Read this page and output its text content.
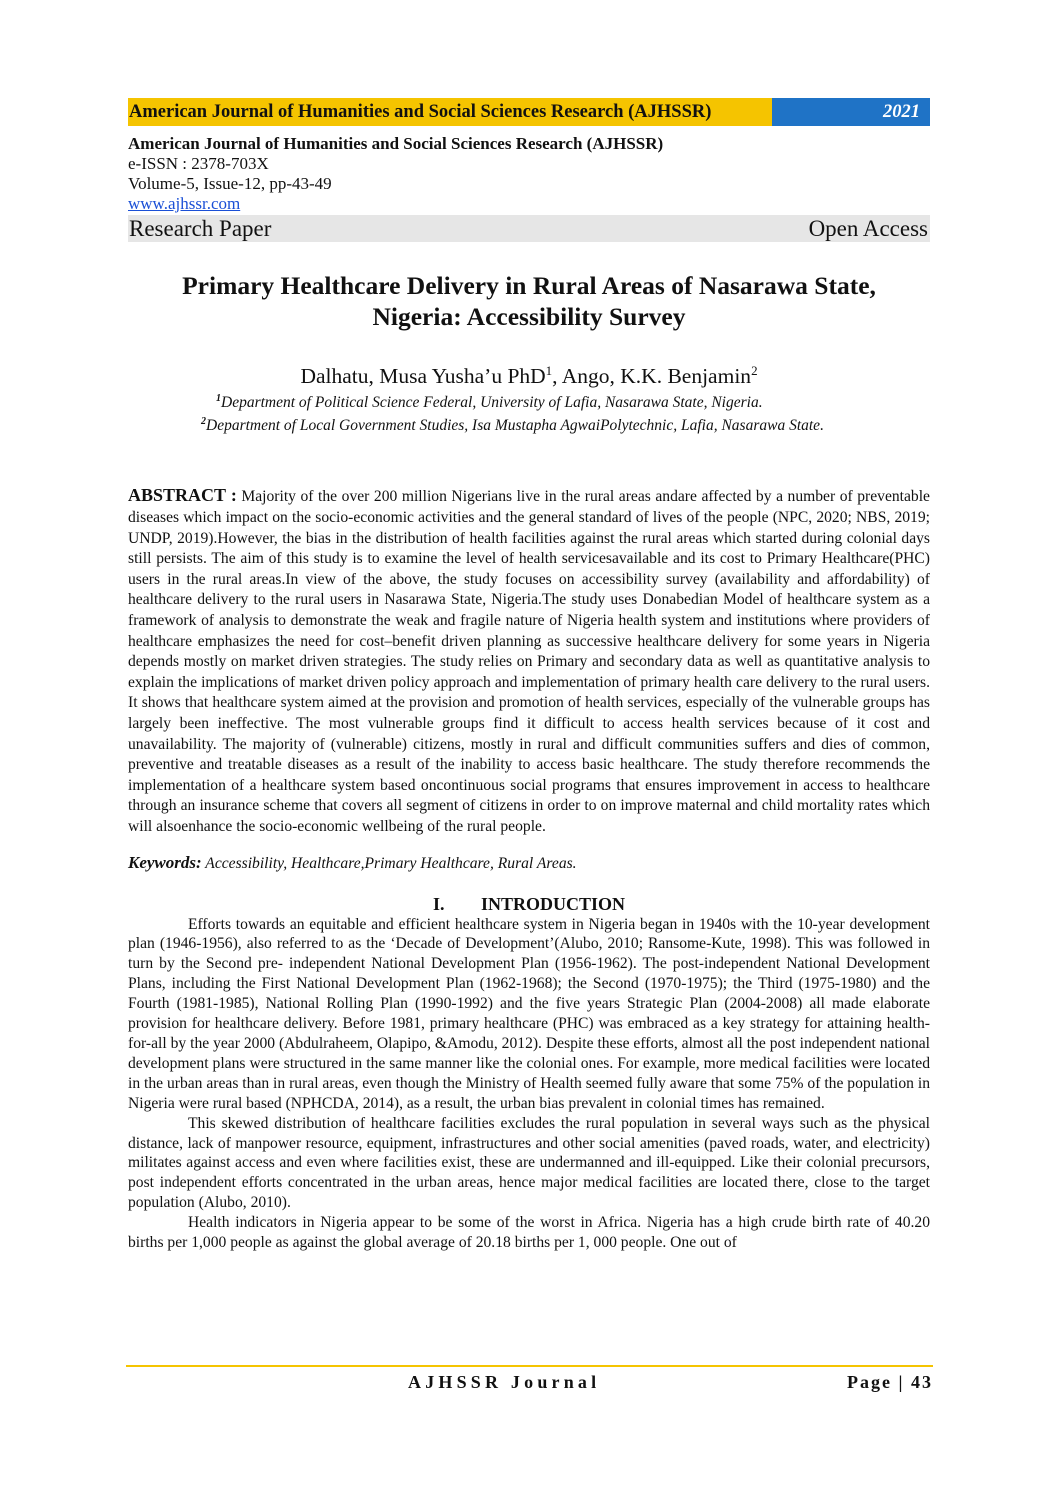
American Journal of Humanities and Social Sciences Research (AJHSSR)	2021
American Journal of Humanities and Social Sciences Research (AJHSSR)
e-ISSN : 2378-703X
Volume-5, Issue-12, pp-43-49
www.ajhssr.com
Research Paper	Open Access
Primary Healthcare Delivery in Rural Areas of Nasarawa State,
Nigeria: Accessibility Survey
Dalhatu, Musa Yusha’u PhD$^1$, Ango, K.K. Benjamin$^2$
$^1$Department of Political Science Federal, University of Lafia, Nasarawa State, Nigeria.
$^2$Department of Local Government Studies, Isa Mustapha AgwaiPolytechnic, Lafia, Nasarawa State.
ABSTRACT : Majority of the over 200 million Nigerians live in the rural areas andare affected by a number of preventable diseases which impact on the socio-economic activities and the general standard of lives of the people (NPC, 2020; NBS, 2019; UNDP, 2019).However, the bias in the distribution of health facilities against the rural areas which started during colonial days still persists. The aim of this study is to examine the level of health servicesavailable and its cost to Primary Healthcare(PHC) users in the rural areas.In view of the above, the study focuses on accessibility survey (availability and affordability) of healthcare delivery to the rural users in Nasarawa State, Nigeria.The study uses Donabedian Model of healthcare system as a framework of analysis to demonstrate the weak and fragile nature of Nigeria health system and institutions where providers of healthcare emphasizes the need for cost–benefit driven planning as successive healthcare delivery for some years in Nigeria depends mostly on market driven strategies. The study relies on Primary and secondary data as well as quantitative analysis to explain the implications of market driven policy approach and implementation of primary health care delivery to the rural users. It shows that healthcare system aimed at the provision and promotion of health services, especially of the vulnerable groups has largely been ineffective. The most vulnerable groups find it difficult to access health services because of it cost and unavailability. The majority of (vulnerable) citizens, mostly in rural and difficult communities suffers and dies of common, preventive and treatable diseases as a result of the inability to access basic healthcare. The study therefore recommends the implementation of a healthcare system based oncontinuous social programs that ensures improvement in access to healthcare through an insurance scheme that covers all segment of citizens in order to on improve maternal and child mortality rates which will alsoenhance the socio-economic wellbeing of the rural people.
Keywords: Accessibility, Healthcare,Primary Healthcare, Rural Areas.
I. INTRODUCTION

Efforts towards an equitable and efficient healthcare system in Nigeria began in 1940s with the 10-year development plan (1946-1956), also referred to as the ‘Decade of Development’(Alubo, 2010; Ransome-Kute, 1998). This was followed in turn by the Second pre- independent National Development Plan (1956-1962). The post-independent National Development Plans, including the First National Development Plan (1962-1968); the Second (1970-1975); the Third (1975-1980) and the Fourth (1981-1985), National Rolling Plan (1990-1992) and the five years Strategic Plan (2004-2008) all made elaborate provision for healthcare delivery. Before 1981, primary healthcare (PHC) was embraced as a key strategy for attaining health-for-all by the year 2000 (Abdulraheem, Olapipo, &Amodu, 2012). Despite these efforts, almost all the post independent national development plans were structured in the same manner like the colonial ones. For example, more medical facilities were located in the urban areas than in rural areas, even though the Ministry of Health seemed fully aware that some 75% of the population in Nigeria were rural based (NPHCDA, 2014), as a result, the urban bias prevalent in colonial times has remained.

This skewed distribution of healthcare facilities excludes the rural population in several ways such as the physical distance, lack of manpower resource, equipment, infrastructures and other social amenities (paved roads, water, and electricity) militates against access and even where facilities exist, these are undermanned and ill-equipped. Like their colonial precursors, post independent efforts concentrated in the urban areas, hence major medical facilities are located there, close to the target population (Alubo, 2010).

Health indicators in Nigeria appear to be some of the worst in Africa. Nigeria has a high crude birth rate of 40.20 births per 1,000 people as against the global average of 20.18 births per 1, 000 people. One out of

AJHSSR Journal	Page | 43
